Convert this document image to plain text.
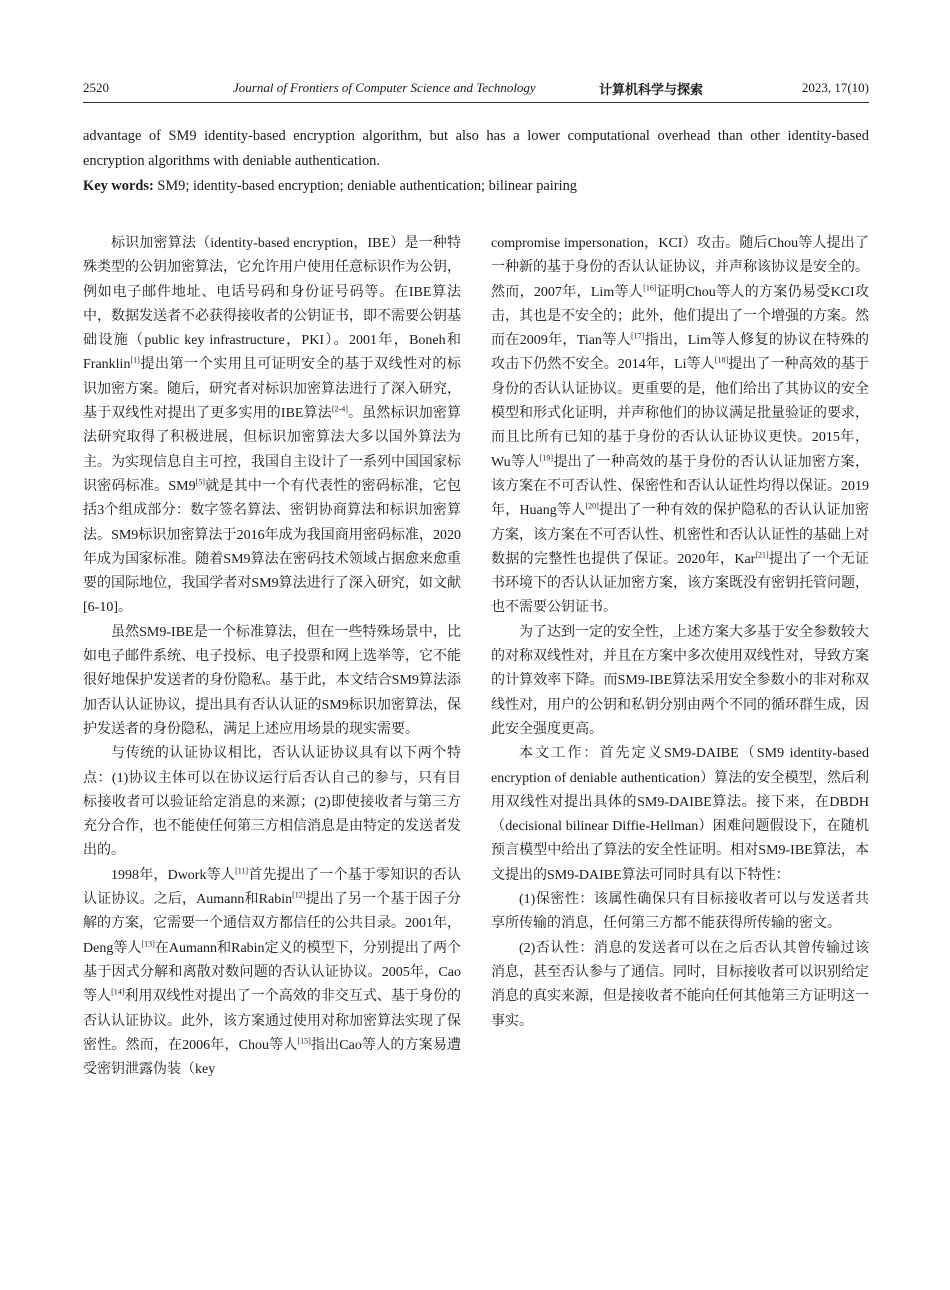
2520	Journal of Frontiers of Computer Science and Technology	计算机科学与探索	2023, 17(10)
advantage of SM9 identity-based encryption algorithm, but also has a lower computational overhead than other identity-based encryption algorithms with deniable authentication.
Key words: SM9; identity-based encryption; deniable authentication; bilinear pairing

标识加密算法（identity-based encryption，IBE）是一种特殊类型的公钥加密算法，它允许用户使用任意标识作为公钥，例如电子邮件地址、电话号码和身份证号码等。在IBE算法中，数据发送者不必获得接收者的公钥证书，即不需要公钥基础设施（public key infrastructure，PKI）。2001年，Boneh和Franklin[1]提出第一个实用且可证明安全的基于双线性对的标识加密方案。随后，研究者对标识加密算法进行了深入研究，基于双线性对提出了更多实用的IBE算法[2-4]。虽然标识加密算法研究取得了积极进展，但标识加密算法大多以国外算法为主。为实现信息自主可控，我国自主设计了一系列中国国家标识密码标准。SM9[5]就是其中一个有代表性的密码标准，它包括3个组成部分：数字签名算法、密钥协商算法和标识加密算法。SM9标识加密算法于2016年成为我国商用密码标准，2020年成为国家标准。随着SM9算法在密码技术领域占据愈来愈重要的国际地位，我国学者对SM9算法进行了深入研究，如文献[6-10]。

虽然SM9-IBE是一个标准算法，但在一些特殊场景中，比如电子邮件系统、电子投标、电子投票和网上选举等，它不能很好地保护发送者的身份隐私。基于此，本文结合SM9算法添加否认认证协议，提出具有否认认证的SM9标识加密算法，保护发送者的身份隐私，满足上述应用场景的现实需要。

与传统的认证协议相比，否认认证协议具有以下两个特点：(1)协议主体可以在协议运行后否认自己的参与，只有目标接收者可以验证给定消息的来源；(2)即使接收者与第三方充分合作，也不能使任何第三方相信消息是由特定的发送者发出的。

1998年，Dwork等人[11]首先提出了一个基于零知识的否认认证协议。之后，Aumann和Rabin[12]提出了另一个基于因子分解的方案，它需要一个通信双方都信任的公共目录。2001年，Deng等人[13]在Aumann和Rabin定义的模型下，分别提出了两个基于因式分解和离散对数问题的否认认证协议。2005年，Cao等人[14]利用双线性对提出了一个高效的非交互式、基于身份的否认认证协议。此外，该方案通过使用对称加密算法实现了保密性。然而，在2006年，Chou等人[15]指出Cao等人的方案易遭受密钥泄露伪装（key

compromise impersonation，KCI）攻击。随后Chou等人提出了一种新的基于身份的否认认证协议，并声称该协议是安全的。然而，2007年，Lim等人[16]证明Chou等人的方案仍易受KCI攻击，其也是不安全的；此外，他们提出了一个增强的方案。然而在2009年，Tian等人[17]指出，Lim等人修复的协议在特殊的攻击下仍然不安全。2014年，Li等人[18]提出了一种高效的基于身份的否认认证协议。更重要的是，他们给出了其协议的安全模型和形式化证明，并声称他们的协议满足批量验证的要求，而且比所有已知的基于身份的否认认证协议更快。2015年，Wu等人[19]提出了一种高效的基于身份的否认认证加密方案，该方案在不可否认性、保密性和否认认证性均得以保证。2019年，Huang等人[20]提出了一种有效的保护隐私的否认认证加密方案，该方案在不可否认性、机密性和否认认证性的基础上对数据的完整性也提供了保证。2020年，Kar[21]提出了一个无证书环境下的否认认证加密方案，该方案既没有密钥托管问题，也不需要公钥证书。

为了达到一定的安全性，上述方案大多基于安全参数较大的对称双线性对，并且在方案中多次使用双线性对，导致方案的计算效率下降。而SM9-IBE算法采用安全参数小的非对称双线性对，用户的公钥和私钥分别由两个不同的循环群生成，因此安全强度更高。

本文工作：首先定义SM9-DAIBE（SM9 identity-based encryption of deniable authentication）算法的安全模型，然后利用双线性对提出具体的SM9-DAIBE算法。接下来，在DBDH（decisional bilinear Diffie-Hellman）困难问题假设下，在随机预言模型中给出了算法的安全性证明。相对SM9-IBE算法，本文提出的SM9-DAIBE算法可同时具有以下特性：

(1)保密性：该属性确保只有目标接收者可以与发送者共享所传输的消息，任何第三方都不能获得所传输的密文。

(2)否认性：消息的发送者可以在之后否认其曾传输过该消息，甚至否认参与了通信。同时，目标接收者可以识别给定消息的真实来源，但是接收者不能向任何其他第三方证明这一事实。
